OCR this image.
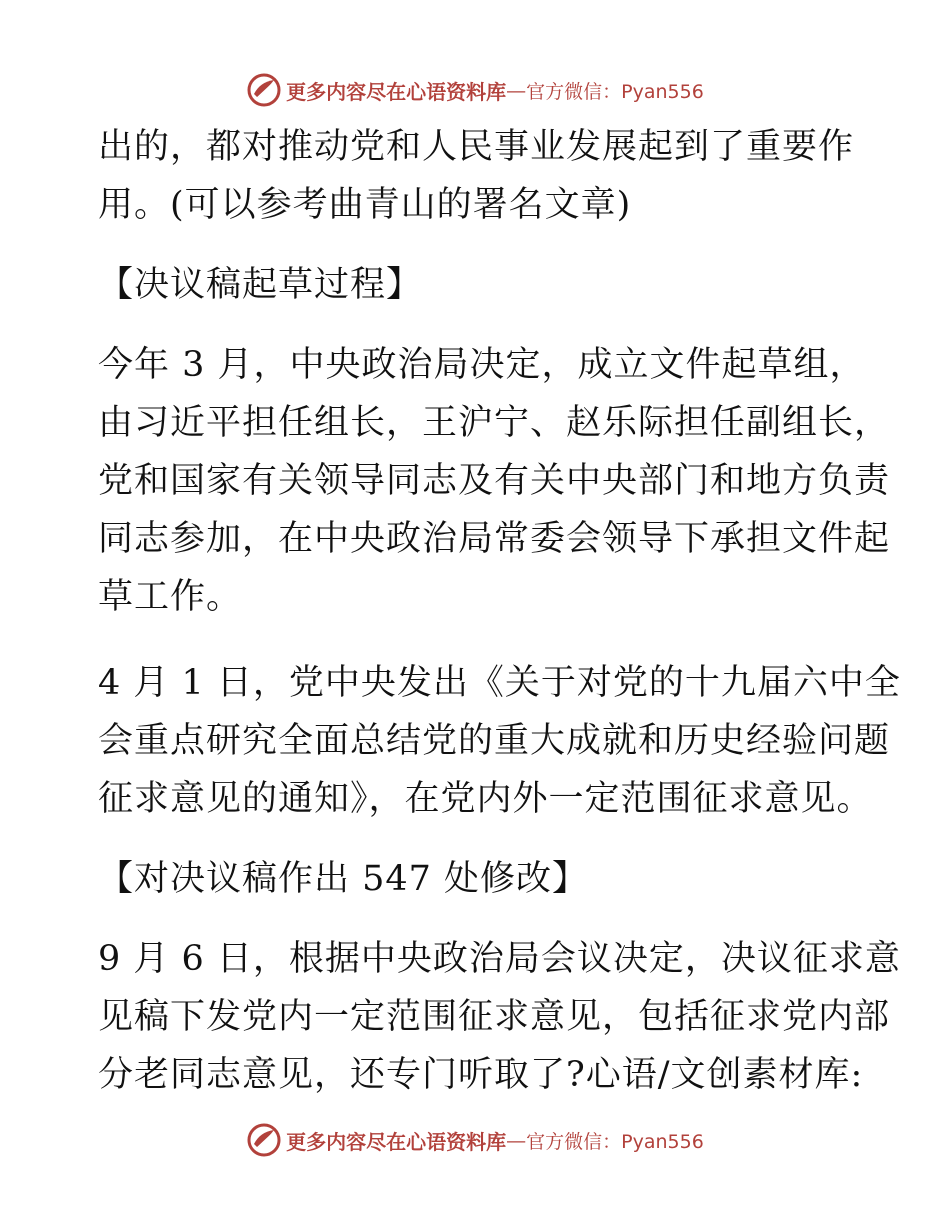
更多内容尽在心语资料库 — 官方微信：Pyan556
出的，都对推动党和人民事业发展起到了重要作
用。(可以参考曲青山的署名文章)
【决议稿起草过程】
今年 3 月，中央政治局决定，成立文件起草组，
由习近平担任组长，王沪宁、赵乐际担任副组长，
党和国家有关领导同志及有关中央部门和地方负责
同志参加，在中央政治局常委会领导下承担文件起
草工作。
4 月 1 日，党中央发出《关于对党的十九届六中全
会重点研究全面总结党的重大成就和历史经验问题
征求意见的通知》，在党内外一定范围征求意见。
【对决议稿作出 547 处修改】
9 月 6 日，根据中央政治局会议决定，决议征求意
见稿下发党内一定范围征求意见，包括征求党内部
分老同志意见，还专门听取了?心语/文创素材库:
更多内容尽在心语资料库 — 官方微信：Pyan556
